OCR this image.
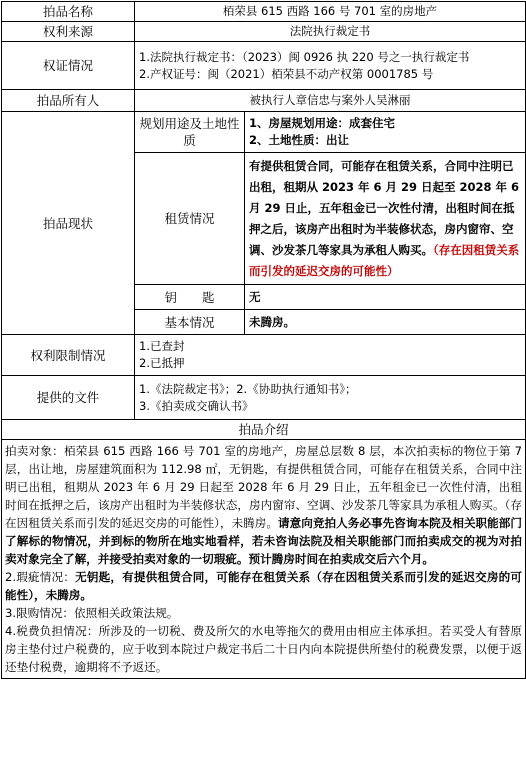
拍品名称	栢荣县 615 西路 166 号 701 室的房地产	
权利来源	法院执行裁定书	
权证情况	1.法院执行裁定书：（2023）闽 0926 执 220 号之一执行裁定书
2.产权证号：闽（2021）栢荣县不动产权第 0001785 号	

拍品所有人	被执行人章信忠与案外人吴淋丽	
拍品现状	规划用途及土地性质	1、房屋规划用途：成套住宅
2、土地性质：出让

	租赁情况	有提供租赁合同，可能存在租赁关系，合同中注明已出租，租期从 2023 年 6 月 29 日起至 2028 年 6 月 29 日止，五年租金已一次性付清，出租时间在抵押之后，该房产出租时为半装修状态，房内窗帘、空调、沙发茶几等家具为承租人购买。（存在因租赁关系而引发的延迟交房的可能性）
	钥　　匙	无
	基本情况	未腾房。
权利限制情况	1.已查封
2.已抵押	

提供的文件	1.《法院裁定书》；2.《协助执行通知书》；
3.《拍卖成交确认书》	

拍品介绍		

拍卖对象：栢荣县 615 西路 166 号 701 室的房地产，房屋总层数 8 层，本次拍卖标的物位于第 7 层，出让地，房屋建筑面积为 112.98 ㎡，无钥匙，有提供租赁合同，可能存在租赁关系，合同中注明已出租，租期从 2023 年 6 月 29 日起至 2028 年 6 月 29 日止，五年租金已一次性付清，出租时间在抵押之后，该房产出租时为半装修状态，房内窗帘、空调、沙发茶几等家具为承租人购买。（存在因租赁关系而引发的延迟交房的可能性），未腾房。请意向竞拍人务必事先咨询本院及相关职能部门了解标的物情况，并到标的物所在地实地看样，若未咨询法院及相关职能部门而拍卖成交的视为对拍卖对象完全了解，并接受拍卖对象的一切瑕疵。预计腾房时间在拍卖成交后六个月。

2.瑕疵情况：无钥匙，有提供租赁合同，可能存在租赁关系（存在因租赁关系而引发的延迟交房的可能性），未腾房。

3.限购情况：依照相关政策法规。

4.税费负担情况：所涉及的一切税、费及所欠的水电等拖欠的费用由相应主体承担。若买受人有替原房主垫付过户税费的，应于收到本院过户裁定书后二十日内向本院提供所垫付的税费发票，以便于返还垫付税费，逾期将不予返还。		
